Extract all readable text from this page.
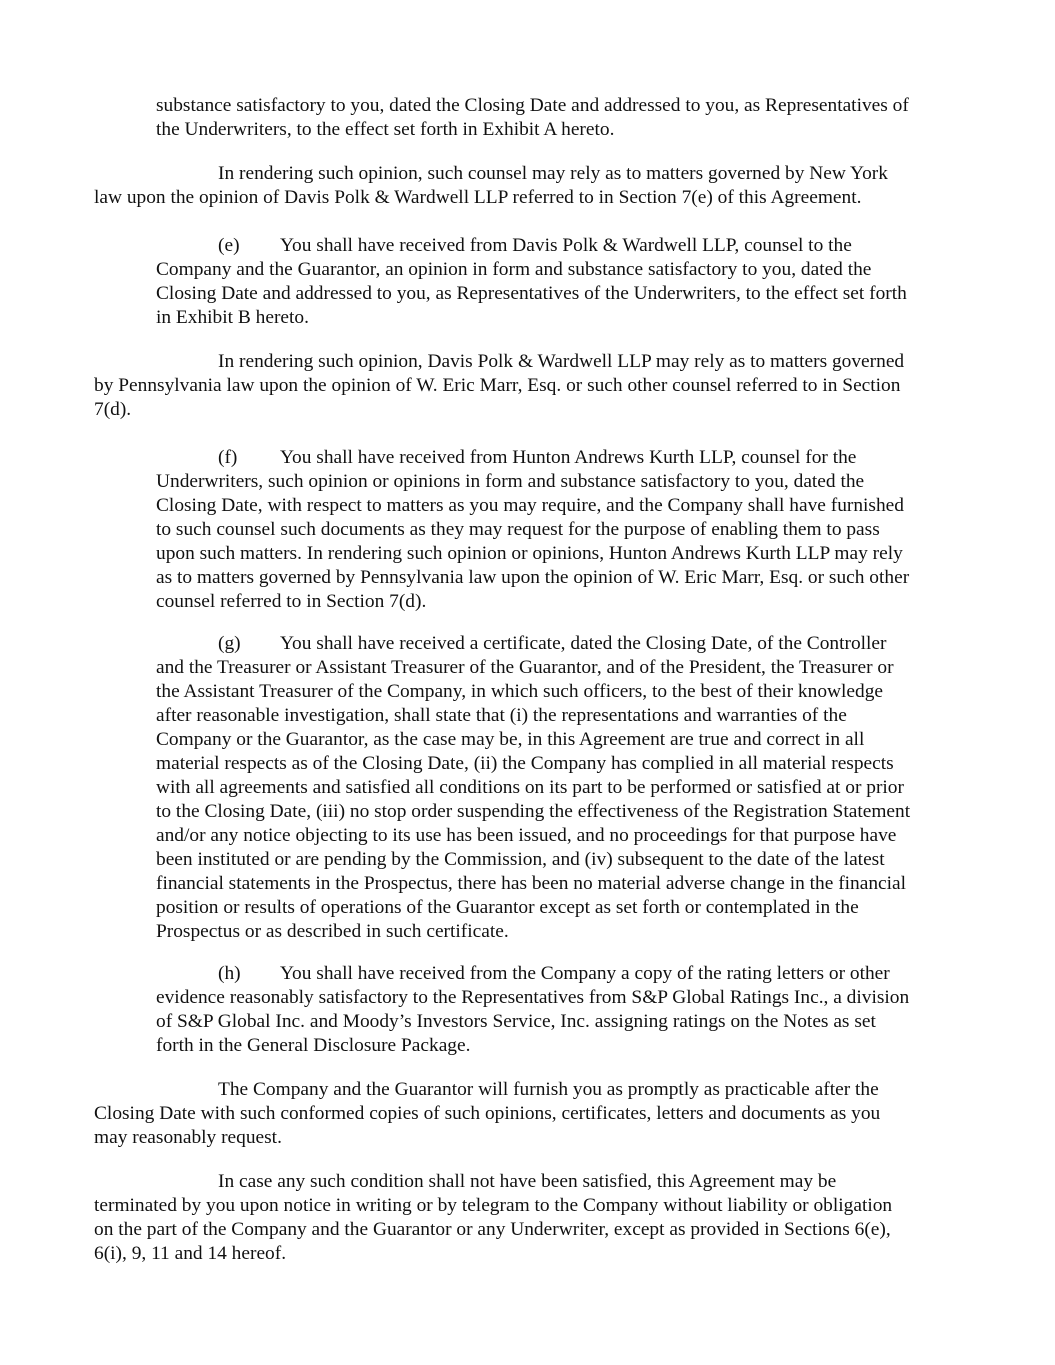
substance satisfactory to you, dated the Closing Date and addressed to you, as Representatives of
the Underwriters, to the effect set forth in Exhibit A hereto.
In rendering such opinion, such counsel may rely as to matters governed by New York
law upon the opinion of Davis Polk & Wardwell LLP referred to in Section 7(e) of this Agreement.
(e) You shall have received from Davis Polk & Wardwell LLP, counsel to the
Company and the Guarantor, an opinion in form and substance satisfactory to you, dated the
Closing Date and addressed to you, as Representatives of the Underwriters, to the effect set forth
in Exhibit B hereto.
In rendering such opinion, Davis Polk & Wardwell LLP may rely as to matters governed
by Pennsylvania law upon the opinion of W. Eric Marr, Esq. or such other counsel referred to in Section
7(d).
(f) You shall have received from Hunton Andrews Kurth LLP, counsel for the
Underwriters, such opinion or opinions in form and substance satisfactory to you, dated the
Closing Date, with respect to matters as you may require, and the Company shall have furnished
to such counsel such documents as they may request for the purpose of enabling them to pass
upon such matters. In rendering such opinion or opinions, Hunton Andrews Kurth LLP may rely
as to matters governed by Pennsylvania law upon the opinion of W. Eric Marr, Esq. or such other
counsel referred to in Section 7(d).
(g) You shall have received a certificate, dated the Closing Date, of the Controller
and the Treasurer or Assistant Treasurer of the Guarantor, and of the President, the Treasurer or
the Assistant Treasurer of the Company, in which such officers, to the best of their knowledge
after reasonable investigation, shall state that (i) the representations and warranties of the
Company or the Guarantor, as the case may be, in this Agreement are true and correct in all
material respects as of the Closing Date, (ii) the Company has complied in all material respects
with all agreements and satisfied all conditions on its part to be performed or satisfied at or prior
to the Closing Date, (iii) no stop order suspending the effectiveness of the Registration Statement
and/or any notice objecting to its use has been issued, and no proceedings for that purpose have
been instituted or are pending by the Commission, and (iv) subsequent to the date of the latest
financial statements in the Prospectus, there has been no material adverse change in the financial
position or results of operations of the Guarantor except as set forth or contemplated in the
Prospectus or as described in such certificate.
(h) You shall have received from the Company a copy of the rating letters or other
evidence reasonably satisfactory to the Representatives from S&P Global Ratings Inc., a division
of S&P Global Inc. and Moody’s Investors Service, Inc. assigning ratings on the Notes as set
forth in the General Disclosure Package.
The Company and the Guarantor will furnish you as promptly as practicable after the
Closing Date with such conformed copies of such opinions, certificates, letters and documents as you
may reasonably request.
In case any such condition shall not have been satisfied, this Agreement may be
terminated by you upon notice in writing or by telegram to the Company without liability or obligation
on the part of the Company and the Guarantor or any Underwriter, except as provided in Sections 6(e),
6(i), 9, 11 and 14 hereof.
